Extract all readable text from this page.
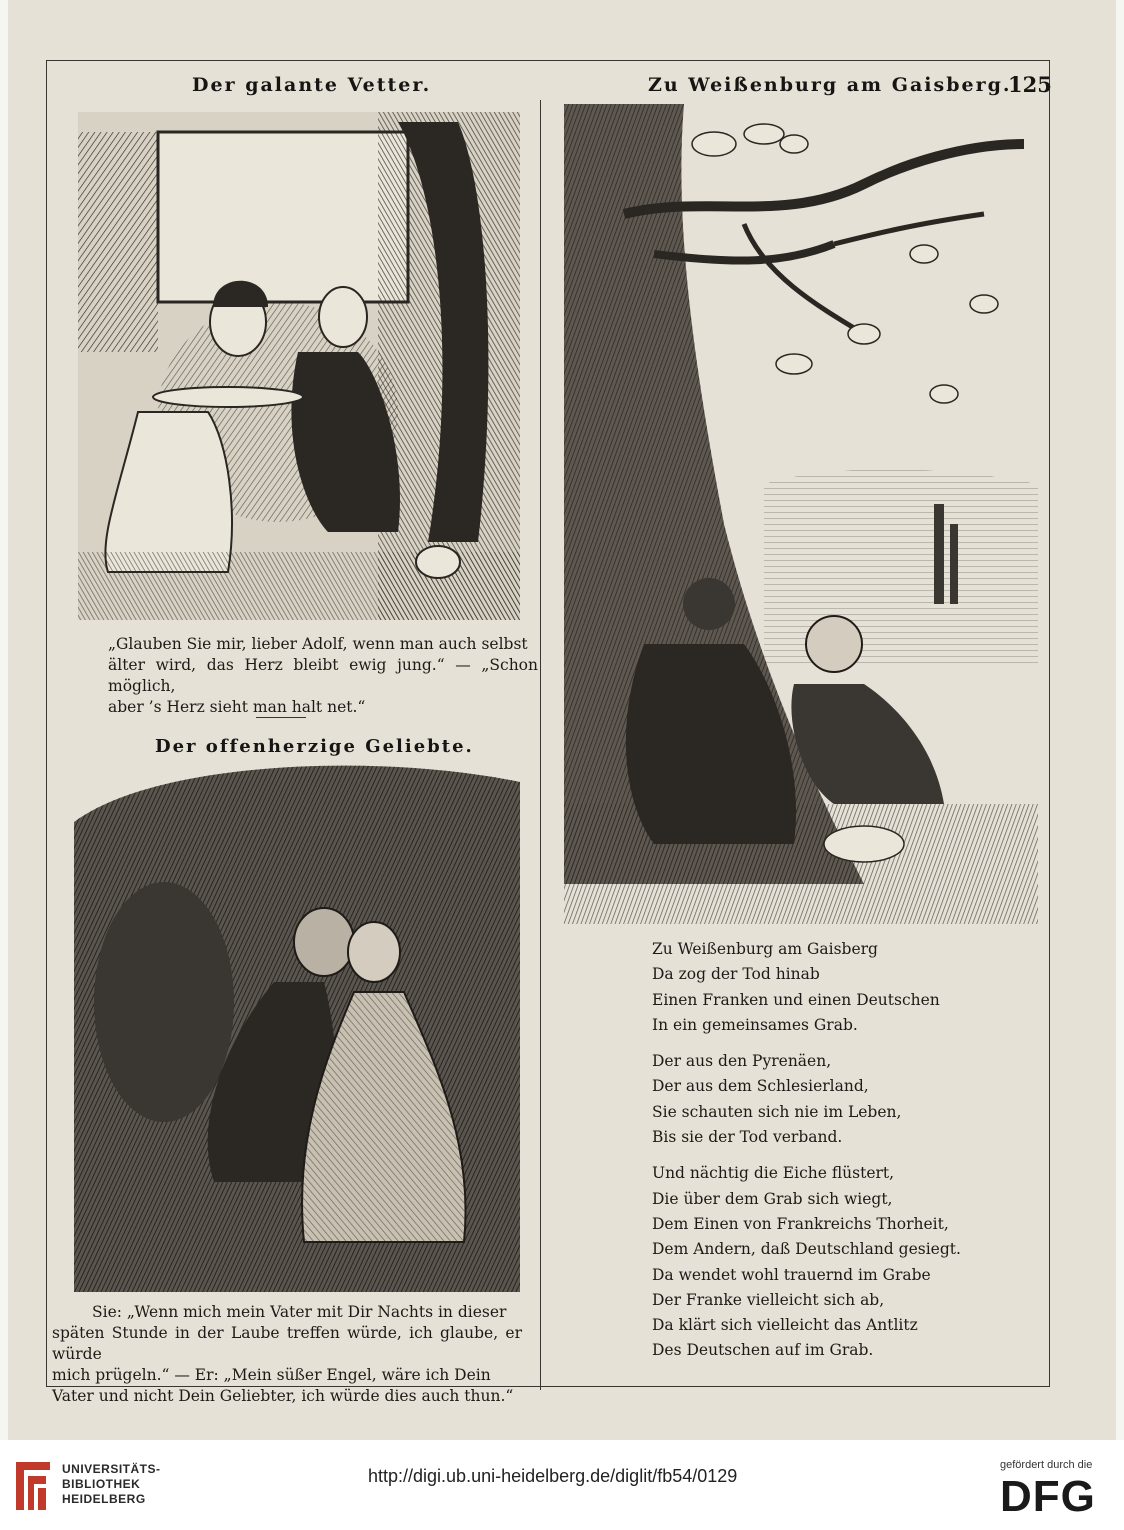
Der galante Vetter.	Zu Weißenburg am Gaisberg.
125

„Glauben Sie mir, lieber Adolf, wenn man auch selbst

älter wird, das Herz bleibt ewig jung.“ — „Schon möglich,

aber ’s Herz sieht man halt net.“

Der offenherzige Geliebte.

Sie: „Wenn mich mein Vater mit Dir Nachts in dieser

späten Stunde in der Laube treffen würde, ich glaube, er würde

mich prügeln.“ — Er: „Mein süßer Engel, wäre ich Dein

Vater und nicht Dein Geliebter, ich würde dies auch thun.“

Zu Weißenburg am Gaisberg
Da zog der Tod hinab
Einen Franken und einen Deutschen
In ein gemeinsames Grab.
Der aus den Pyrenäen,
Der aus dem Schlesierland,
Sie schauten sich nie im Leben,
Bis sie der Tod verband.
Und nächtig die Eiche flüstert,
Die über dem Grab sich wiegt,
Dem Einen von Frankreichs Thorheit,
Dem Andern, daß Deutschland gesiegt.
Da wendet wohl trauernd im Grabe
Der Franke vielleicht sich ab,
Da klärt sich vielleicht das Antlitz
Des Deutschen auf im Grab.
UNIVERSITÄTS-
BIBLIOTHEK
HEIDELBERG
http://digi.ub.uni-heidelberg.de/diglit/fb54/0129
gefördert durch die
DFG
